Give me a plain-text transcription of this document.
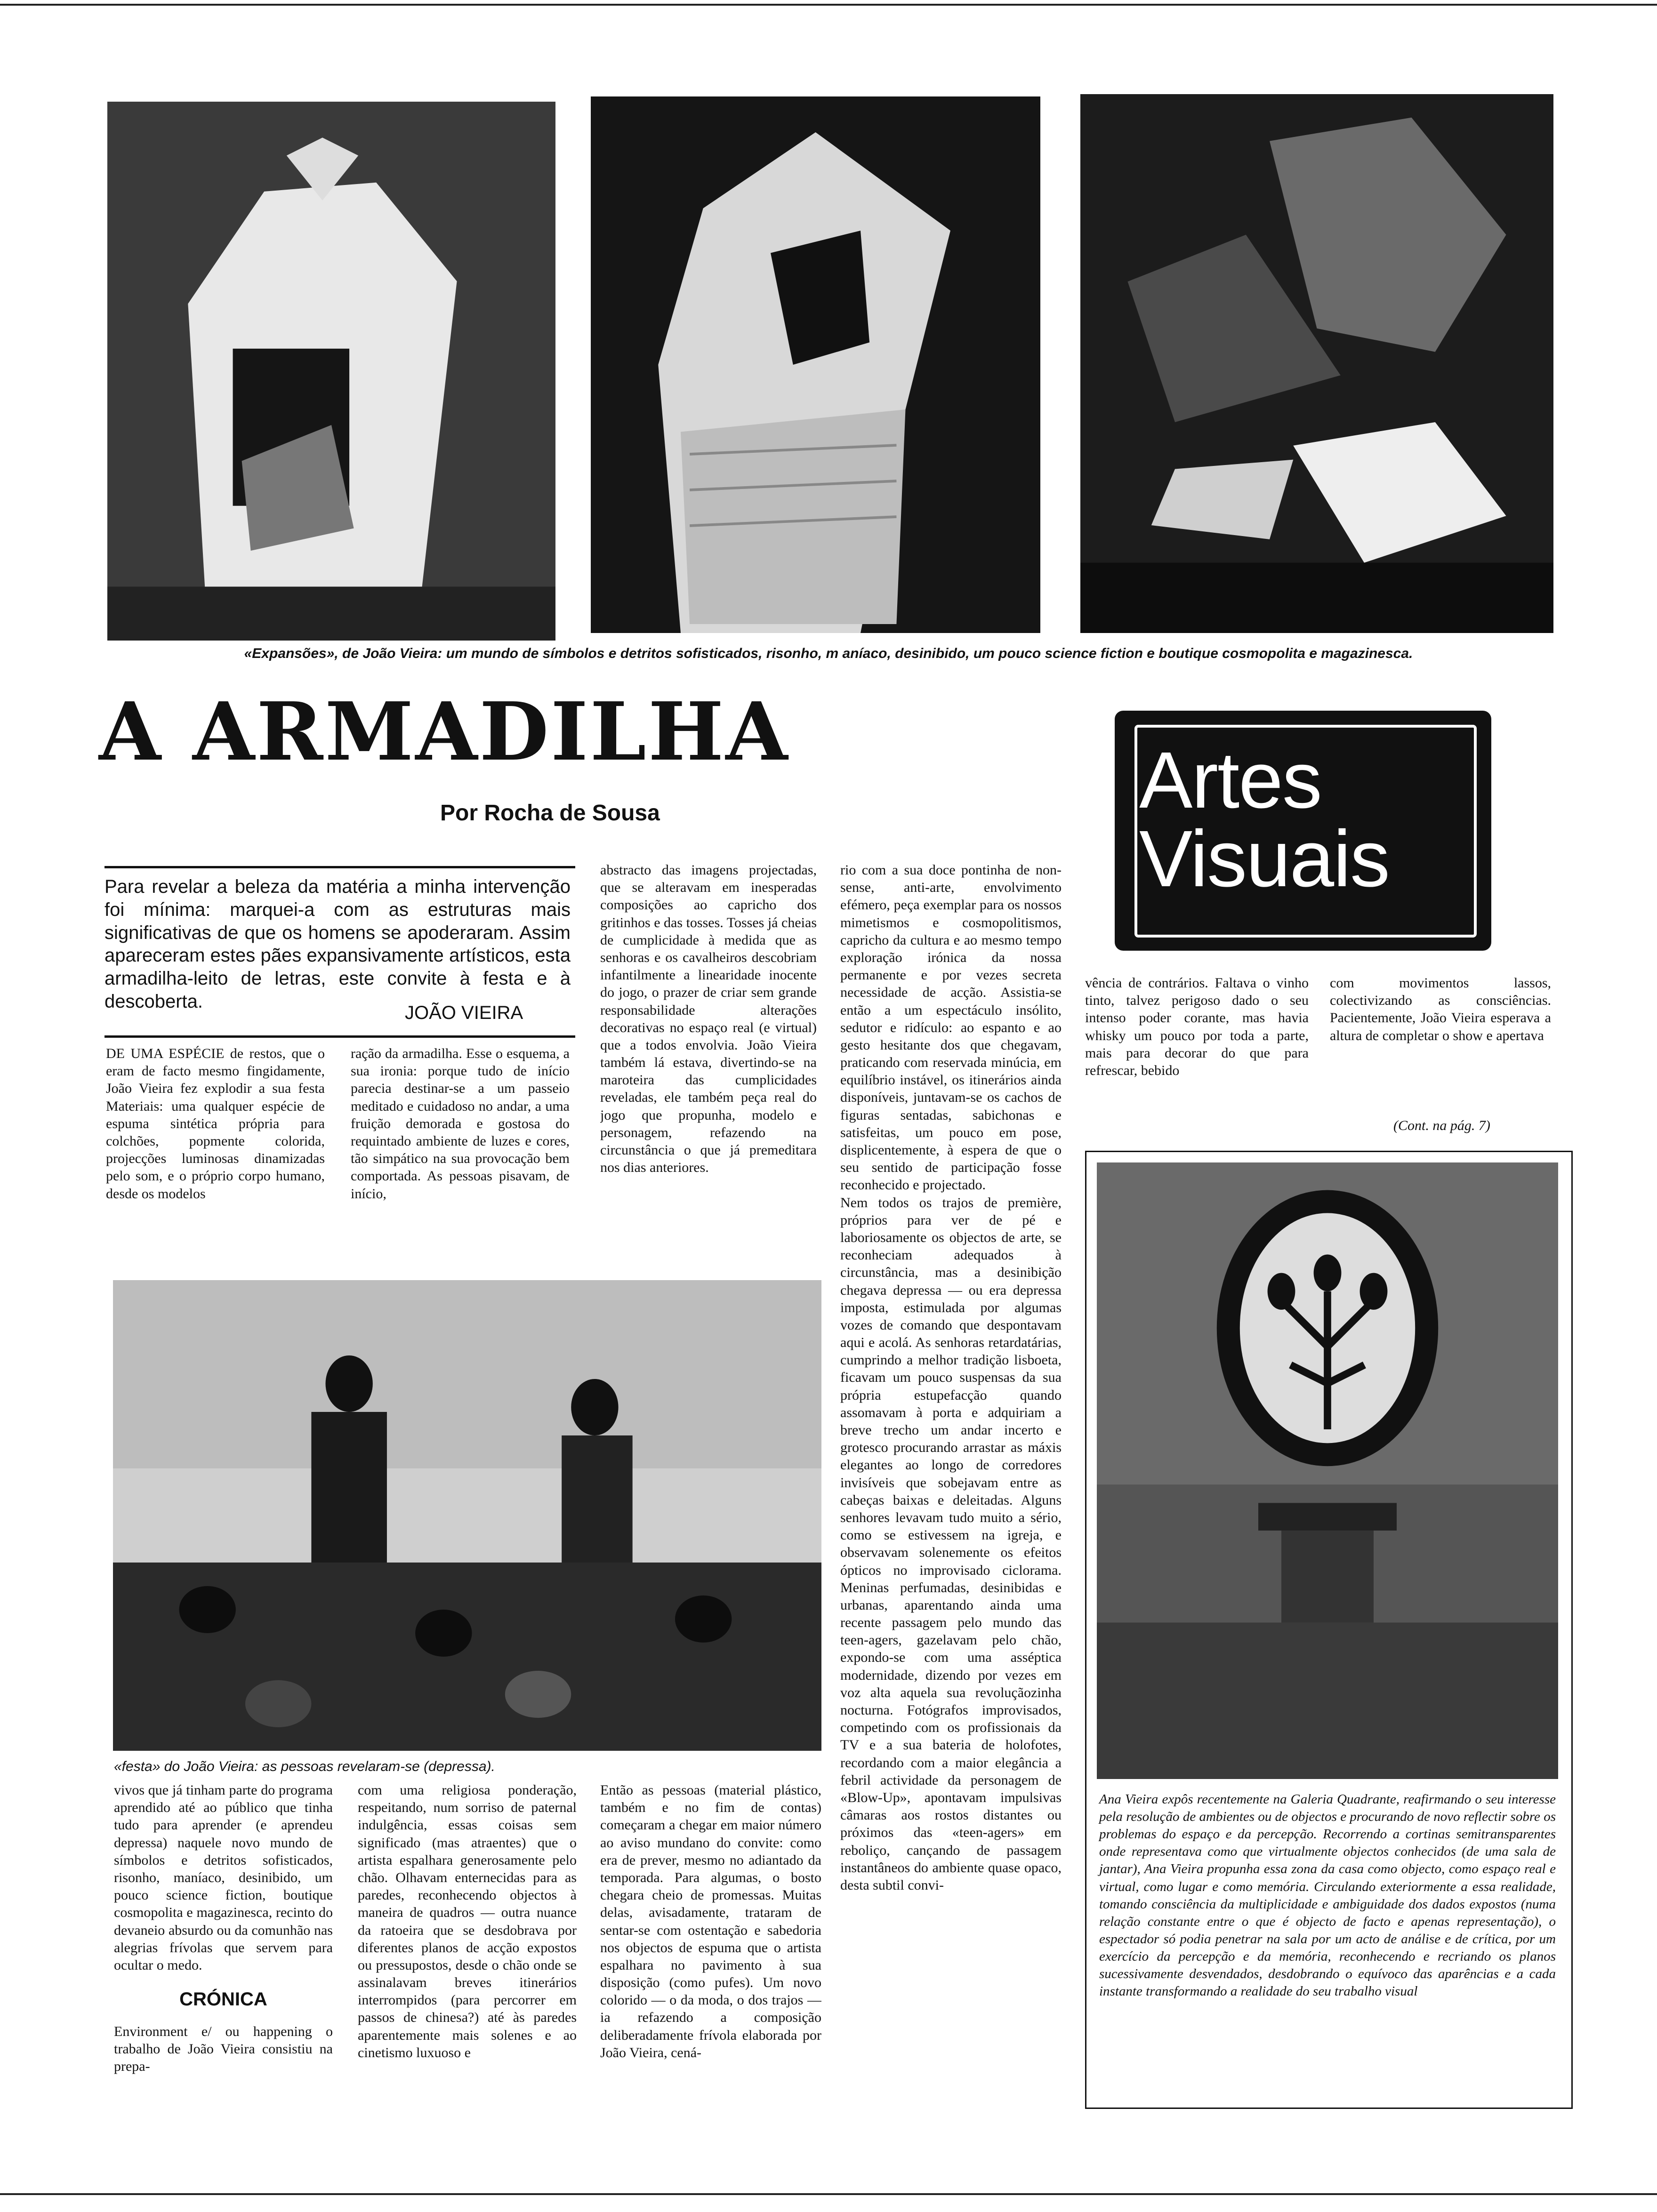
«Expansões», de João Vieira: um mundo de símbolos e detritos sofisticados, risonho, m aníaco, desinibido, um pouco science fiction e boutique cosmopolita e magazinesca.
A ARMADILHA
Por Rocha de Sousa
Para revelar a beleza da matéria a minha intervenção foi mínima: marquei-a com as estruturas mais significativas de que os homens se apoderaram. Assim apareceram estes pães expansivamente artísticos, esta armadilha-leito de letras, este convite à festa e à descoberta.
JOÃO VIEIRA
Artes
Visuais
DE UMA ESPÉCIE de restos, que o eram de facto mesmo fingidamente, João Vieira fez explodir a sua festa Materiais: uma qualquer espécie de espuma sintética própria para colchões, popmente colorida, projecções luminosas dinamizadas pelo som, e o próprio corpo humano, desde os modelos
ração da armadilha. Esse o esquema, a sua ironia: porque tudo de início parecia destinar-se a um passeio meditado e cuidadoso no andar, a uma fruição demorada e gostosa do requintado ambiente de luzes e cores, tão simpático na sua provocação bem comportada. As pessoas pisavam, de início,
abstracto das imagens projectadas, que se alteravam em inesperadas composições ao capricho dos gritinhos e das tosses. Tosses já cheias de cumplicidade à medida que as senhoras e os cavalheiros descobriam infantilmente a linearidade inocente do jogo, o prazer de criar sem grande responsabilidade alterações decorativas no espaço real (e virtual) que a todos envolvia. João Vieira também lá estava, divertindo-se na maroteira das cumplicidades reveladas, ele também peça real do jogo que propunha, modelo e personagem, refazendo na circunstância o que já premeditara nos dias anteriores.
rio com a sua doce pontinha de non-sense, anti-arte, envolvimento efémero, peça exemplar para os nossos mimetismos e cosmopolitismos, capricho da cultura e ao mesmo tempo exploração irónica da nossa permanente e por vezes secreta necessidade de acção. Assistia-se então a um espectáculo insólito, sedutor e ridículo: ao espanto e ao gesto hesitante dos que chegavam, praticando com reservada minúcia, em equilíbrio instável, os itinerários ainda disponíveis, juntavam-se os cachos de figuras sentadas, sabichonas e satisfeitas, um pouco em pose, displicentemente, à espera de que o seu sentido de participação fosse reconhecido e projectado.
Nem todos os trajos de première, próprios para ver de pé e laboriosamente os objectos de arte, se reconheciam adequados à circunstância, mas a desinibição chegava depressa — ou era depressa imposta, estimulada por algumas vozes de comando que despontavam aqui e acolá. As senhoras retardatárias, cumprindo a melhor tradição lisboeta, ficavam um pouco suspensas da sua própria estupefacção quando assomavam à porta e adquiriam a breve trecho um andar incerto e grotesco procurando arrastar as máxis elegantes ao longo de corredores invisíveis que sobejavam entre as cabeças baixas e deleitadas. Alguns senhores levavam tudo muito a sério, como se estivessem na igreja, e observavam solenemente os efeitos ópticos no improvisado ciclorama. Meninas perfumadas, desinibidas e urbanas, aparentando ainda uma recente passagem pelo mundo das teen-agers, gazelavam pelo chão, expondo-se com uma asséptica modernidade, dizendo por vezes em voz alta aquela sua revoluçãozinha nocturna. Fotógrafos improvisados, competindo com os profissionais da TV e a sua bateria de holofotes, recordando com a maior elegância a febril actividade da personagem de «Blow-Up», apontavam impulsivas câmaras aos rostos distantes ou próximos das «teen-agers» em reboliço, cançando de passagem instantâneos do ambiente quase opaco, desta subtil convi-
vência de contrários. Faltava o vinho tinto, talvez perigoso dado o seu intenso poder corante, mas havia whisky um pouco por toda a parte, mais para decorar do que para refrescar, bebido
com movimentos lassos, colectivizando as consciências. Pacientemente, João Vieira esperava a altura de completar o show e apertava
(Cont. na pág. 7)
«festa» do João Vieira: as pessoas revelaram-se (depressa).

vivos que já tinham parte do programa aprendido até ao público que tinha tudo para aprender (e aprendeu depressa) naquele novo mundo de símbolos e detritos sofisticados, risonho, maníaco, desinibido, um pouco science fiction, boutique cosmopolita e magazinesca, recinto do devaneio absurdo ou da comunhão nas alegrias frívolas que servem para ocultar o medo.

CRÓNICA

Environment e/ ou happening o trabalho de João Vieira consistiu na prepa-

com uma religiosa ponderação, respeitando, num sorriso de paternal indulgência, essas coisas sem significado (mas atraentes) que o artista espalhara generosamente pelo chão. Olhavam enternecidas para as paredes, reconhecendo objectos à maneira de quadros — outra nuance da ratoeira que se desdobrava por diferentes planos de acção expostos ou pressupostos, desde o chão onde se assinalavam breves itinerários interrompidos (para percorrer em passos de chinesa?) até às paredes aparentemente mais solenes e ao cinetismo luxuoso e
Então as pessoas (material plástico, também e no fim de contas) começaram a chegar em maior número ao aviso mundano do convite: como era de prever, mesmo no adiantado da temporada. Para algumas, o bosto chegara cheio de promessas. Muitas delas, avisadamente, trataram de sentar-se com ostentação e sabedoria nos objectos de espuma que o artista espalhara no pavimento à sua disposição (como pufes). Um novo colorido — o da moda, o dos trajos — ia refazendo a composição deliberadamente frívola elaborada por João Vieira, cená-
Ana Vieira expôs recentemente na Galeria Quadrante, reafirmando o seu interesse pela resolução de ambientes ou de objectos e procurando de novo reflectir sobre os problemas do espaço e da percepção. Recorrendo a cortinas semitransparentes onde representava como que virtualmente objectos conhecidos (de uma sala de jantar), Ana Vieira propunha essa zona da casa como objecto, como espaço real e virtual, como lugar e como memória. Circulando exteriormente a essa realidade, tomando consciência da multiplicidade e ambiguidade dos dados expostos (numa relação constante entre o que é objecto de facto e apenas representação), o espectador só podia penetrar na sala por um acto de análise e de crítica, por um exercício da percepção e da memória, reconhecendo e recriando os planos sucessivamente desvendados, desdobrando o equívoco das aparências e a cada instante transformando a realidade do seu trabalho visual
